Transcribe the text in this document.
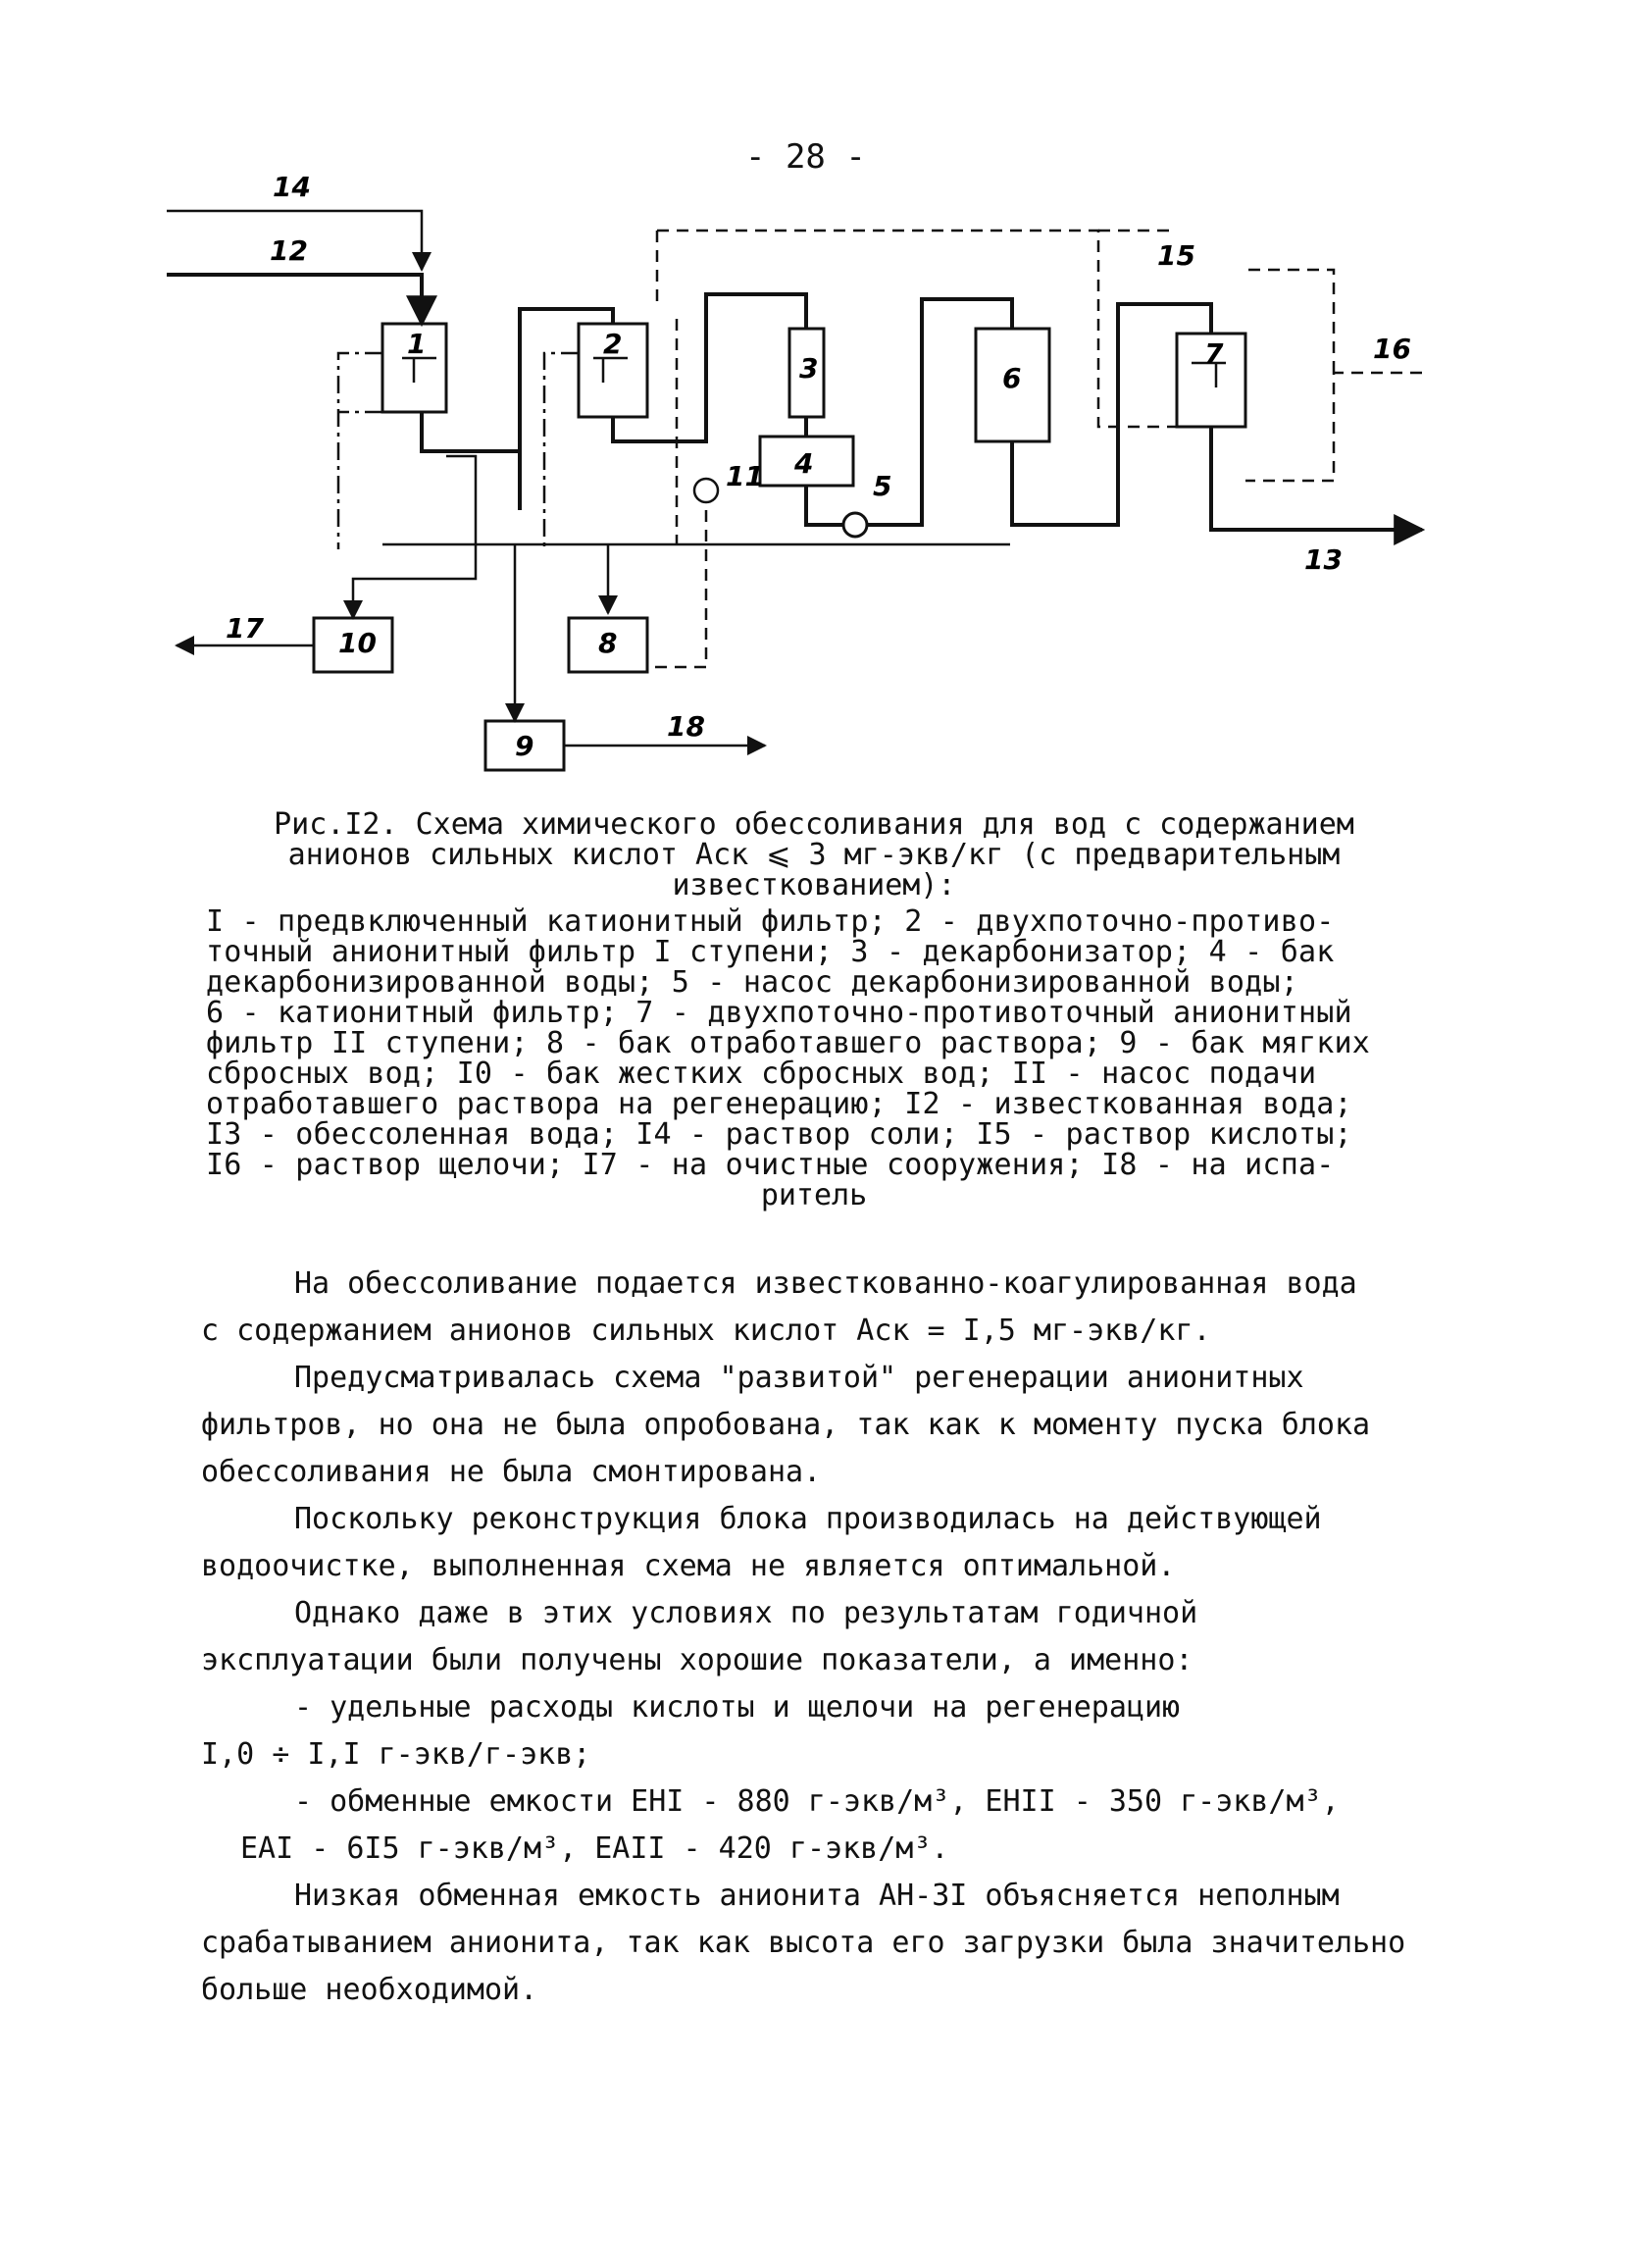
- 28 -
1	2
3
4
5
6
7
8
9
10
11
12
13
14
15
16
17
18
Рис.I2. Схема химического обессоливания для вод с содержанием
анионов сильных кислот Aск ⩽ 3 мг-экв/кг (с предварительным
известкованием):
I - предвключенный катионитный фильтр; 2 - двухпоточно-противо-
точный анионитный фильтр I ступени; 3 - декарбонизатор; 4 - бак
декарбонизированной воды; 5 - насос декарбонизированной воды;
6 - катионитный фильтр; 7 - двухпоточно-противоточный анионитный
фильтр II ступени; 8 - бак отработавшего раствора; 9 - бак мягких
сбросных вод; I0 - бак жестких сбросных вод; II - насос подачи
отработавшего раствора на регенерацию; I2 - известкованная вода;
I3 - обессоленная вода; I4 - раствор соли; I5 - раствор кислоты;
I6 - раствор щелочи; I7 - на очистные сооружения; I8 - на испа-
ритель

На обессоливание подается известкованно-коагулированная вода

с содержанием анионов сильных кислот Aск = I,5 мг-экв/кг.

Предусматривалась схема "развитой" регенерации анионитных фильтров, но она не была опробована, так как к моменту пуска блока обессоливания не была смонтирована.

Поскольку реконструкция блока производилась на действующей водоочистке, выполненная схема не является оптимальной.

Однако даже в этих условиях по результатам годичной эксплуатации были получены хорошие показатели, а именно:

- удельные расходы кислоты и щелочи на регенерацию

I,0 ÷ I,I г-экв/г-экв;

- обменные емкости EHI - 880 г-экв/м³, EHII - 350 г-экв/м³,

EAI - 6I5 г-экв/м³, EAII - 420 г-экв/м³.

Низкая обменная емкость анионита АН-3I объясняется неполным срабатыванием анионита, так как высота его загрузки была значительно больше необходимой.
